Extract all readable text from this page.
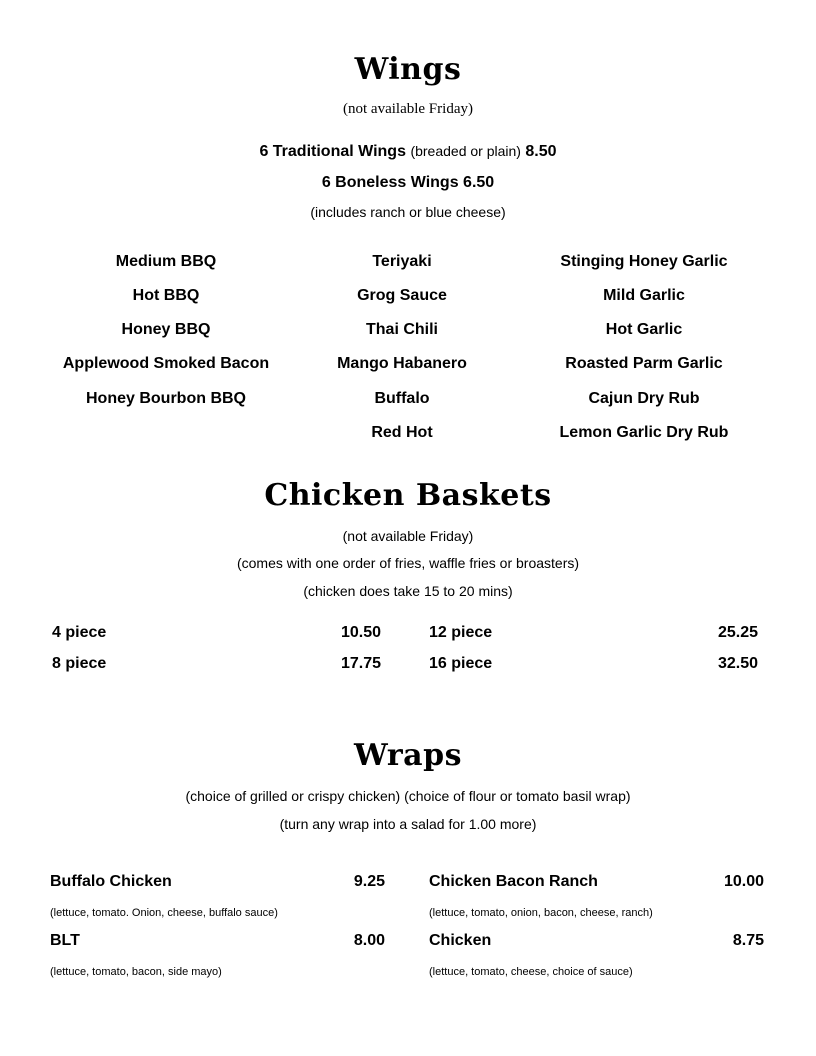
Wings
(not available Friday)
6 Traditional Wings (breaded or plain) 8.50
6 Boneless Wings 6.50
(includes ranch or blue cheese)
Medium BBQ
Hot BBQ
Honey BBQ
Applewood Smoked Bacon
Honey Bourbon BBQ
Teriyaki
Grog Sauce
Thai Chili
Mango Habanero
Buffalo
Red Hot
Stinging Honey Garlic
Mild Garlic
Hot Garlic
Roasted Parm Garlic
Cajun Dry Rub
Lemon Garlic Dry Rub
Chicken Baskets
(not available Friday)
(comes with one order of fries, waffle fries or broasters)
(chicken does take 15 to 20 mins)
4 piece	10.50
8 piece	17.75
12 piece	25.25
16 piece	32.50
Wraps
(choice of grilled or crispy chicken) (choice of flour or tomato basil wrap)
(turn any wrap into a salad for 1.00 more)
Buffalo Chicken	9.25
(lettuce, tomato. Onion, cheese, buffalo sauce)
Chicken Bacon Ranch	10.00
(lettuce, tomato, onion, bacon, cheese, ranch)
BLT	8.00
(lettuce, tomato, bacon, side mayo)
Chicken	8.75
(lettuce, tomato, cheese, choice of sauce)
